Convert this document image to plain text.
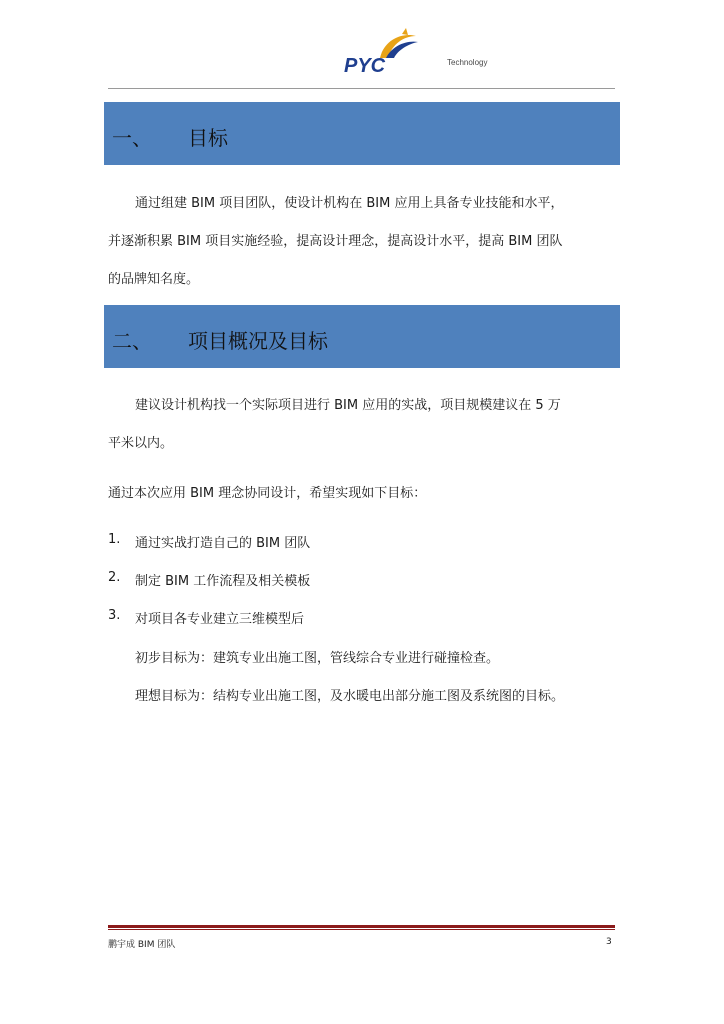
PYC	Technology
一、 目标
通过组建 BIM 项目团队，使设计机构在 BIM 应用上具备专业技能和水平，
并逐渐积累 BIM 项目实施经验，提高设计理念，提高设计水平，提高 BIM 团队
的品牌知名度。
二、 项目概况及目标
建议设计机构找一个实际项目进行 BIM 应用的实战，项目规模建议在 5 万
平米以内。
通过本次应用 BIM 理念协同设计，希望实现如下目标：
1. 通过实战打造自己的 BIM 团队
2. 制定 BIM 工作流程及相关模板
3. 对项目各专业建立三维模型后
初步目标为：建筑专业出施工图，管线综合专业进行碰撞检查。
理想目标为：结构专业出施工图，及水暖电出部分施工图及系统图的目标。
鹏宇成 BIM 团队	3
